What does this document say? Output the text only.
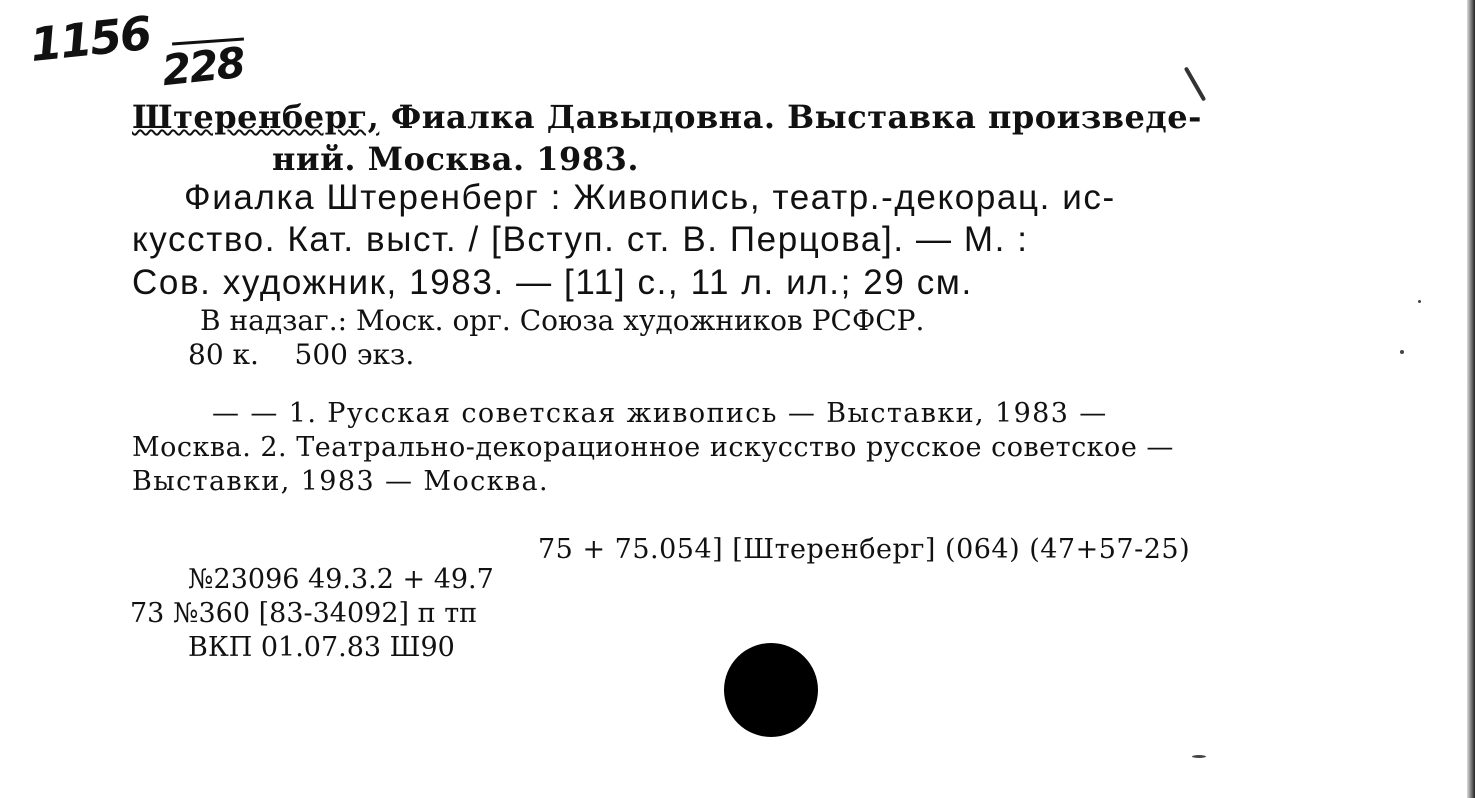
1156 228
Штеренберг, Фиалка Давыдовна. Выставка произведе-
ний. Москва. 1983.
Фиалка Штеренберг : Живопись, театр.-декорац. ис-
кусство. Кат. выст. / [Вступ. ст. В. Перцова]. — М. :
Сов. художник, 1983. — [11] с., 11 л. ил.; 29 см.
В надзаг.: Моск. орг. Союза художников РСФСР.
80 к.    500 экз.
— — 1. Русская советская живопись — Выставки, 1983 —
Москва. 2. Театрально-декорационное искусство русское советское —
Выставки, 1983 — Москва.
75 + 75.054] [Штеренберг] (064) (47+57-25)
№23096 49.3.2 + 49.7
73 №360 [83-34092] п тп
ВКП 01.07.83 Ш90
